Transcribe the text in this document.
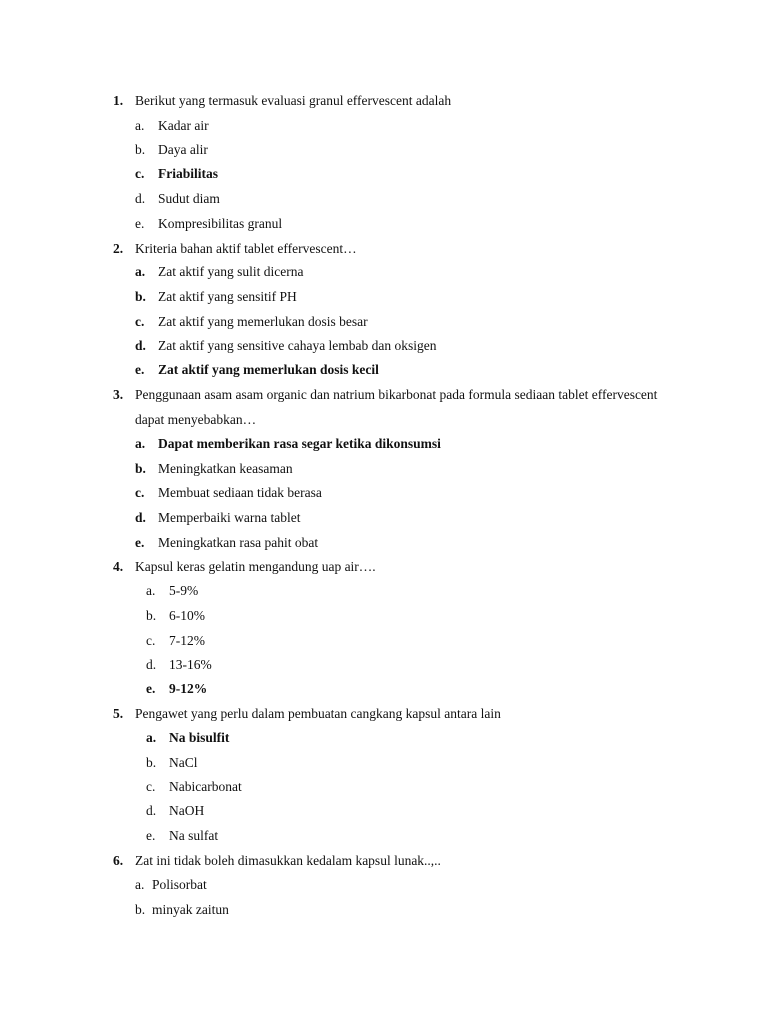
1. Berikut yang termasuk evaluasi granul effervescent adalah
a. Kadar air
b. Daya alir
c. Friabilitas
d. Sudut diam
e. Kompresibilitas granul
2. Kriteria bahan aktif tablet effervescent…
a. Zat aktif yang sulit dicerna
b. Zat aktif yang sensitif PH
c. Zat aktif yang memerlukan dosis besar
d. Zat aktif yang sensitive cahaya lembab dan oksigen
e. Zat aktif yang memerlukan dosis kecil
3. Penggunaan asam asam organic dan natrium bikarbonat pada formula sediaan tablet effervescent
dapat menyebabkan…
a. Dapat memberikan rasa segar ketika dikonsumsi
b. Meningkatkan keasaman
c. Membuat sediaan tidak berasa
d. Memperbaiki warna tablet
e. Meningkatkan rasa pahit obat
4. Kapsul keras gelatin mengandung uap air….
a. 5-9%
b. 6-10%
c. 7-12%
d. 13-16%
e. 9-12%
5. Pengawet yang perlu dalam pembuatan cangkang kapsul antara lain
a. Na bisulfit
b. NaCl
c. Nabicarbonat
d. NaOH
e. Na sulfat
6. Zat ini tidak boleh dimasukkan kedalam kapsul lunak..,..
a. Polisorbat
b. minyak zaitun
